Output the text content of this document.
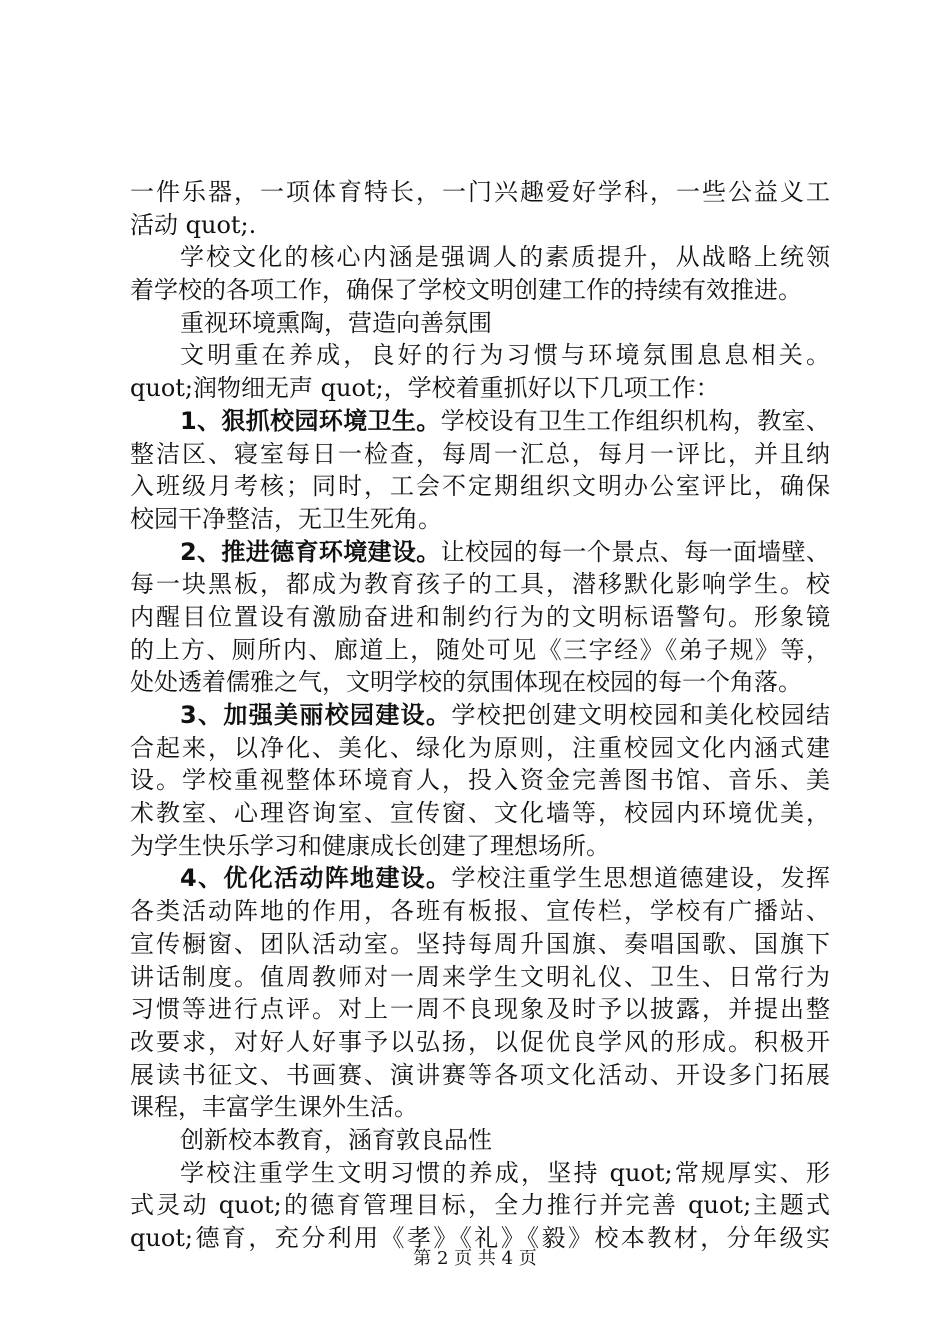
一件乐器，一项体育特长，一门兴趣爱好学科，一些公益义工
活动 quot;.
学校文化的核心内涵是强调人的素质提升，从战略上统领
着学校的各项工作，确保了学校文明创建工作的持续有效推进。
重视环境熏陶，营造向善氛围
文明重在养成，良好的行为习惯与环境氛围息息相关。
quot;润物细无声 quot;，学校着重抓好以下几项工作：
1、狠抓校园环境卫生。学校设有卫生工作组织机构，教室、
整洁区、寝室每日一检查，每周一汇总，每月一评比，并且纳
入班级月考核；同时，工会不定期组织文明办公室评比，确保
校园干净整洁，无卫生死角。
2、推进德育环境建设。让校园的每一个景点、每一面墙壁、
每一块黑板，都成为教育孩子的工具，潜移默化影响学生。校
内醒目位置设有激励奋进和制约行为的文明标语警句。形象镜
的上方、厕所内、廊道上，随处可见《三字经》《弟子规》等，
处处透着儒雅之气，文明学校的氛围体现在校园的每一个角落。
3、加强美丽校园建设。学校把创建文明校园和美化校园结
合起来，以净化、美化、绿化为原则，注重校园文化内涵式建
设。学校重视整体环境育人，投入资金完善图书馆、音乐、美
术教室、心理咨询室、宣传窗、文化墙等，校园内环境优美，
为学生快乐学习和健康成长创建了理想场所。
4、优化活动阵地建设。学校注重学生思想道德建设，发挥
各类活动阵地的作用，各班有板报、宣传栏，学校有广播站、
宣传橱窗、团队活动室。坚持每周升国旗、奏唱国歌、国旗下
讲话制度。值周教师对一周来学生文明礼仪、卫生、日常行为
习惯等进行点评。对上一周不良现象及时予以披露，并提出整
改要求，对好人好事予以弘扬，以促优良学风的形成。积极开
展读书征文、书画赛、演讲赛等各项文化活动、开设多门拓展
课程，丰富学生课外生活。
创新校本教育，涵育敦良品性
学校注重学生文明习惯的养成，坚持 quot;常规厚实、形
式灵动 quot;的德育管理目标，全力推行并完善 quot;主题式
quot;德育，充分利用《孝》《礼》《毅》校本教材，分年级实
第 2 页 共 4 页
